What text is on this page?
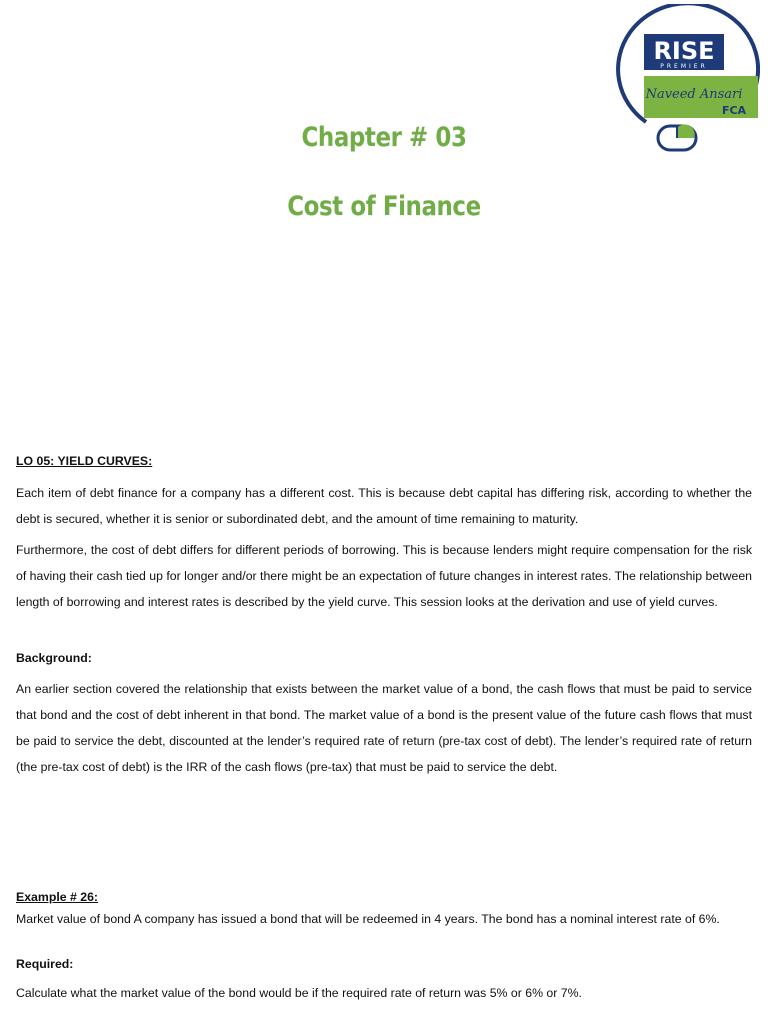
RISE
PREMIER
Naveed Ansari
FCA
Chapter # 03
Cost of Finance
LO 05: YIELD CURVES:
Each item of debt finance for a company has a different cost. This is because debt capital has differing risk, according to whether the debt is secured, whether it is senior or subordinated debt, and the amount of time remaining to maturity.
Furthermore, the cost of debt differs for different periods of borrowing. This is because lenders might require compensation for the risk of having their cash tied up for longer and/or there might be an expectation of future changes in interest rates. The relationship between length of borrowing and interest rates is described by the yield curve. This session looks at the derivation and use of yield curves.
Background:
An earlier section covered the relationship that exists between the market value of a bond, the cash flows that must be paid to service that bond and the cost of debt inherent in that bond. The market value of a bond is the present value of the future cash flows that must be paid to service the debt, discounted at the lender’s required rate of return (pre-tax cost of debt). The lender’s required rate of return (the pre-tax cost of debt) is the IRR of the cash flows (pre-tax) that must be paid to service the debt.
Example # 26:
Market value of bond A company has issued a bond that will be redeemed in 4 years. The bond has a nominal interest rate of 6%.
Required:
Calculate what the market value of the bond would be if the required rate of return was 5% or 6% or 7%.
